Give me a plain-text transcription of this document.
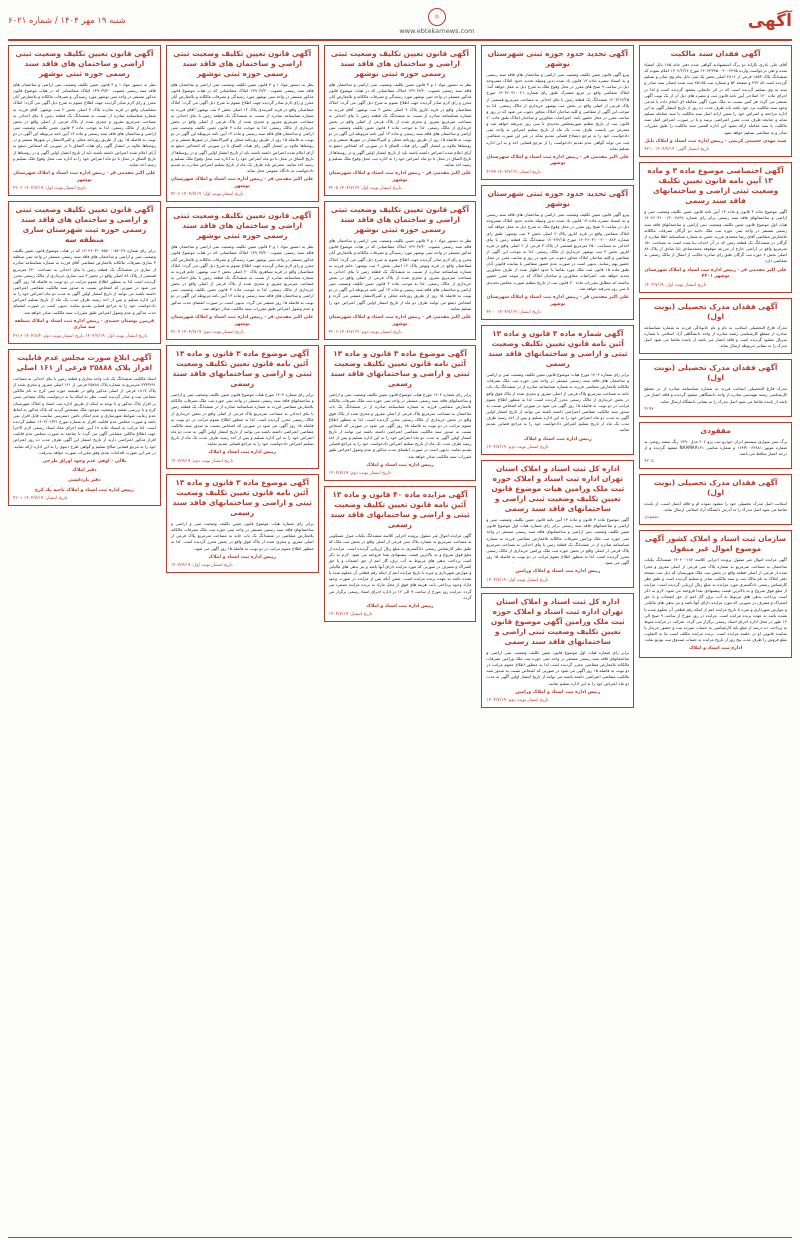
آگهی
☼
www.ebtekarnews.com
شنبه ۱۹ مهر ۱۴۰۴ / شماره ۶۰۲۱
آگهی فقدان سند مالکیت
آقای علی نادری باارائه دو برگ استشهادیه گواهی شده دفتر خانه ۱۸۵ بابل امضاء شده و طی درخواست وارده ۱۴۰۴۳۳۳۵۰۰۲۰۰۲۲۲۵ مورخ ۱۴۰۴/۶/۲۶ اعلام نموده که ششدانگ پلاک ۱۸۵۳ فرعی از ۲۸۱۶ اصلی بخش یک ثبتی بابل بنام وی صادر و تسلیم گردیده است که ۲۷۲ و صفحه ۵۲ و شماره ثبت ۲۵۱۸۵ ثبت شده ایشان سند صادر و سند به وی تسلیم گردیده است که در اثر جابجایی مفقود گردیده است و لذا در اجرای ماده ۱۲۰ اصلاحی آیین نامه قانون ثبت و تبصره های ذیل آن از یک نوبت آگهی منتشر می گردد هر کس نسبت به ملک مورد آگهی معامله ای انجام داده یا مدعی وجود سند مالکیت نزد خود باشد باید ظرف مدت ده روز از تاریخ انتشار آگهی به این اداره مراجعه و اعتراض خود را ضمن ارائه اصل سند مالکیت یا سند معامله تسلیم نماید و چنانچه ظرف مدت مقرر اعتراضی نرسد و یا در صورت اعتراض اصل سند مالکیت یا سند معامله ارائه نشود این اداره المثنی سند مالکیت را طبق مقررات صادر و به متقاضی تسلیم خواهد نمود.
سید مهدی حسینی کریمی - رییس اداره ثبت اسناد و املاک بابل
۴۲۱۰ تاریخ انتشار آگهی: ۱۴۰۴/۷/۱۹
آگهی اختصاصی موضوع ماده ۳ و ماده ۱۳ آیین نامه قانون تعیین تکلیف وضعیت ثبتی اراضی و ساختمانهای فاقد سند رسمی
آگهی موضوع ماده ۳ قانون و ماده ۱۳ آیین نامه قانون تعیین تکلیف وضعیت ثبتی و اراضی و ساختمانهای فاقد سند رسمی برابر رای شماره ۱۴۰۴۶۰۳۱۰۰۱۳۰۰۲۸۹۶ هیات اول موضوع قانون تعیین تکلیف وضعیت ثبتی اراضی و ساختمانهای فاقد سند رسمی مستقر در واحد ثبتی حوزه ثبت ملک ناحیه دو گرگان تصرفات مالکانه بلامعارض متقاضی آقای رضا محمدی فرزند حسن به شماره شناسنامه ۵۵۶ صادره از گرگان در ششدانگ یک قطعه زمین که در آن احداث بنا شده است به مساحت ۱۵۰ مترمربع واقع در اراضی خارج از مزرعه موقوفه محمدصادق بابا صادق از پلاک ۸۸ اصلی بخش ۴ حوزه ثبت گرگان طبق رای صادره حکایت از انتقال از مالک رسمی به متقاضی دارد.
علی اکبر مقدمی فر - رییس اداره ثبت اسناد و املاک شهرستان نوشهر ۴۲۰۱
تاریخ انتشار نوبت اول: ۱۴۰۴/۷/۱۹
آگهی فقدان مدرک تحصیلی (نوبت اول)
مدرک فارغ التحصیلی اینجانب به نام و نام خانوادگی فرزند به شماره شناسنامه صادره از مقطع کارشناسی رشته صادره از واحد دانشگاهی آزاد اسلامی با شماره سریال مفقود گردیده است و فاقد اعتبار می باشد از یابنده تقاضا می شود اصل مدرک را به نشانی مربوطه ارسال نماید.
آگهی فقدان مدرک تحصیلی (نوبت اول)
مدرک فارغ التحصیلی اینجانب فرزند به شماره شناسنامه صادره از در مقطع کارشناسی رشته مهندسی صادره از واحد دانشگاهی مفقود گردیده و فاقد اعتبار می باشد از یابنده تقاضا می شود اصل مدرک را به نشانی دانشگاه ارسال نماید.
۴۱۹۷
مفقودی
برگ سبز سواری سیستم ایران خودرو تیپ پژو ۲۰۶ مدل ۱۳۹۰ رنگ سفید روغنی به شماره موتور ۱۶۴A۰۰۶۳۸۸۱ و شماره شاسی NAAMAA۱۲۱ مفقود گردیده و از درجه اعتبار ساقط می باشد.
۴۲۰۵
آگهی فقدان مدرک تحصیلی (نوبت اول)
اینجانب اصل مدرک تحصیلی خود را مفقود نموده ام و فاقد اعتبار است. از یابنده تقاضا می شود اصل مدرک را به آدرس دانشگاه آزاد اسلامی ارسال نماید.
مفقودی
سازمان ثبت اسناد و املاک کشور آگهی موضوع اموال غیر منقول
آگهی مزایده اموال غیر منقول پرونده اجرایی کلاسه ۱۴۰۲۰۰۱۸۷ ششدانگ یکباب ساختمان به مساحت مترمربع به شماره پلاک ثبتی فرعی از اصلی مفروز و مجزا شده از فرعی از اصلی قطعه واقع در بخش ثبت ملک شهرستان که ذیل ثبت صفحه دفتر املاک به نام مالک ثبت و سند مالکیت صادر و تسلیم گردیده است و طبق نظر کارشناس رسمی دادگستری مورد مزایده به مبلغ ریال ارزیابی گردیده است. مزایده از مبلغ فوق شروع و به بالاترین قیمت پیشنهادی نقدا فروخته می شود. لازم به ذکر است پرداخت بدهی های مربوط به آب، برق، گاز اعم از حق انشعاب و یا حق اشتراک و مصرف در صورتی که مورد مزایده دارای آنها باشد و نیز بدهی های مالیاتی و عوارض شهرداری و غیره تا تاریخ مزایده اعم از اینکه رقم قطعی آن معلوم شده یا نشده باشد به عهده برنده مزایده است. مزایده در روز مورخ از ساعت ۹ صبح الی ۱۲ ظهر در محل اداره اجرای اسناد رسمی برگزار می گردد. شرکت در مزایده منوط به پرداخت ده درصد از مبلغ پایه کارشناسی به حساب سپرده ثبت و حضور خریدار یا نماینده قانونی او در جلسه مزایده است. برنده مزایده مکلف است ما به التفاوت مبلغ فروش را ظرف مدت پنج روز از تاریخ مزایده به حساب صندوق ثبت تودیع نماید.
اداره ثبت اسناد و املاک
آگهی تحدید حدود حوزه ثبتی شهرستان نوشهر
پیرو آگهی قانون تعیین تکلیف وضعیت ثبتی اراضی و ساختمان های فاقد سند رسمی و به استناد تبصره ماده ۱۳ قانون یاد شده بدین وسیله تحدید حدود املاک مشروحه ذیل در ساعت ۹ صبح های مقرر در محل وقوع ملک به شرح ذیل به عمل خواهد آمد: املاک متقاضی واقع در مرتع مشترک طبق رای شماره ۱۴۰۳۶۰۳۱۰۰۲۱ مورخ ۱۴۰۳/۱۲/۲۵ ششدانگ یک قطعه زمین با بنای احداثی به مساحت مترمربع قسمتی از پلاک فرعی از اصلی واقع در بخش ثبت نوشهر خریداری از مالک رسمی. لذا به موجب این آگهی از متقاضی و کلیه صاحبان املاک مجاور دعوت می شود که در روز و ساعت مقرر در محل حضور یابند. اعتراضات مجاورین و صاحبان املاک طبق ماده ۲۰ قانون ثبت از تاریخ تنظیم صورتمجلس تحدیدی تا سی روز پذیرفته خواهد شد و معترض می بایست ظرف مدت یک ماه از تاریخ تسلیم اعتراض به واحد ثبتی دادخواست خود را به مرجع ذیصلاح قضایی تقدیم نماید در غیر این صورت متقاضی ثبت می تواند گواهی عدم تقدیم دادخواست را از مرجع قضایی اخذ و به این اداره تسلیم نماید.
علی اکبر مقدمی فر - رییس اداره ثبت اسناد و املاک شهرستان نوشهر
۴۱۹۹ تاریخ انتشار: ۱۴۰۴/۷/۱۹
آگهی تحدید حدود حوزه ثبتی شهرستان نوشهر
پیرو آگهی قانون تعیین تکلیف وضعیت ثبتی اراضی و ساختمان های فاقد سند رسمی و به استناد تبصره ماده ۱۳ قانون یاد شده بدین وسیله تحدید حدود املاک مشروحه ذیل در ساعت ۹ صبح روز مقرر در محل وقوع ملک به شرح ذیل به عمل خواهد آمد. املاک متقاضی واقع در قریه انارور پلاک ۲ اصلی بخش ۳ ثبت نوشهر: طبق رای شماره ۱۴۰۴۶۰۳۱۰۰۲۰۰۰۸۸۳ مورخ ۱۴۰۴/۴/۱۵ ششدانگ یک قطعه زمین با بنای احداثی به مساحت ۲۵۰ مترمربع قسمتی از پلاک ۳ فرعی از ۲ اصلی واقع در قریه انارور بخش ۳ ثبت نوشهر خریداری از مالک رسمی. لذا به موجب این آگهی از متقاضی و کلیه صاحبان املاک مجاور دعوت می شود در روز و ساعت مقرر در محل حضور بهم رسانند. بدیهی است در صورت عدم حضور متقاضی یا نماینده قانونی آنان طبق ماده ۱۵ قانون ثبت ملک مورد تقاضا با حدود اظهار شده از طرف مجاورین تحدید خواهد شد. اعتراضات مجاورین و صاحبان املاک که در موعد مقرر حضور نداشته اند مطابق مقررات ماده ۲۰ قانون ثبت از تاریخ تنظیم صورت مجلس تحدیدی تا سی روز پذیرفته خواهد شد.
علی اکبر مقدمی فر - رییس اداره ثبت اسناد و املاک شهرستان نوشهر
۴۲۰۰ تاریخ انتشار: ۱۴۰۴/۷/۱۹
آگهی شماره ماده ۳ قانون و ماده ۱۳ آئین نامه قانون تعیین تکلیف وضعیت ثبتی و اراضی و ساختمانهای فاقد سند رسمی
برابر رای شماره ۱۴۰۴ مورخ هیات موضوع قانون تعیین تکلیف وضعیت ثبتی و اراضی و ساختمان های فاقد سند رسمی مستقر در واحد ثبتی حوزه ثبت ملک تصرفات مالکانه بلامعارض متقاضی فرزند به شماره شناسنامه صادره از در ششدانگ یک باب خانه به مساحت مترمربع پلاک فرعی از اصلی مفروز و مجزی شده از پلاک فوق واقع در بخش خریداری از مالک رسمی محرز گردیده است. لذا به منظور اطلاع عموم مراتب در دو نوبت به فاصله ۱۵ روز آگهی می شود در صورتی که اشخاص نسبت به صدور سند مالکیت متقاضی اعتراضی داشته باشند می توانند از تاریخ انتشار اولین آگهی به مدت دو ماه اعتراض خود را به این اداره تسلیم و پس از اخذ رسید ظرف مدت یک ماه از تاریخ تسلیم اعتراض دادخواست خود را به مراجع قضایی تقدیم نمایند.
رییس اداره ثبت اسناد و املاک
تاریخ انتشار نوبت دوم: ۱۴۰۴/۷/۱۹
اداره کل ثبت اسناد و املاک استان تهران اداره ثبت اسناد و املاک حوزه ثبت ملک ورامین هیات موضوع قانون تعیین تکلیف وضعیت ثبتی اراضی و ساختمانهای فاقد سند رسمی
آگهی موضوع ماده ۳ قانون و ماده ۱۳ آیین نامه قانون تعیین تکلیف وضعیت ثبتی و اراضی و ساختمانهای فاقد سند رسمی برابر رای شماره هیات اول موضوع قانون تعیین تکلیف وضعیت ثبتی اراضی و ساختمانهای فاقد سند رسمی مستقر در واحد ثبتی حوزه ثبت ملک ورامین تصرفات مالکانه بلامعارض متقاضی فرزند به شماره شناسنامه صادره از در ششدانگ یک قطعه زمین با بنای احداثی به مساحت مترمربع پلاک فرعی از اصلی واقع در بخش حوزه ثبت ملک ورامین خریداری از مالک رسمی محرز گردیده است. لذا به منظور اطلاع عموم مراتب در دو نوبت به فاصله ۱۵ روز آگهی می شود.
رییس اداره ثبت اسناد و املاک ورامین
تاریخ انتشار نوبت اول: ۱۴۰۴/۷/۱۹
اداره کل ثبت اسناد و املاک استان تهران اداره ثبت اسناد و املاک حوزه ثبت ملک ورامین آگهی موضوع قانون تعیین تکلیف وضعیت ثبتی اراضی و ساختمانهای فاقد سند رسمی
برابر رای شماره هیات اول موضوع قانون تعیین تکلیف وضعیت ثبتی اراضی و ساختمانهای فاقد سند رسمی مستقر در واحد ثبتی حوزه ثبت ملک ورامین تصرفات مالکانه بلامعارض متقاضی محرز گردیده است لذا به منظور اطلاع عموم مراتب در دو نوبت به فاصله ۱۵ روز آگهی می شود در صورتی که اشخاص نسبت به صدور سند مالکیت متقاضی اعتراضی داشته باشند می توانند از تاریخ انتشار اولین آگهی به مدت دو ماه اعتراض خود را به این اداره تسلیم نمایند.
رییس اداره ثبت اسناد و املاک ورامین
تاریخ انتشار نوبت دوم: ۱۴۰۴/۷/۱۹
آگهی قانون تعیین تکلیف وضعیت ثبتی اراضی و ساختمان های فاقد سند رسمی حوزه ثبتی نوشهر
نظر به دستور مواد ۱ و ۳ قانون تعیین تکلیف وضعیت ثبتی اراضی و ساختمان های فاقد سند رسمی مصوب ۱۳۹۰/۹/۲۰ املاک متقاضیانی که در هیات موضوع قانون مذکور مستقر در واحد ثبتی نوشهر مورد رسیدگی و تصرفات مالکانه و بلامعارض آنان محرز و رای لازم صادر گردیده جهت اطلاع عموم به شرح ذیل آگهی می گردد: املاک متقاضیان واقع در قریه انارور پلاک ۲ اصلی بخش ۳ ثبت نوشهر: آقای فرزند به شماره شناسنامه صادره از نسبت به ششدانگ یک قطعه زمین با بنای احداثی به مساحت مترمربع مفروز و مجزی شده از پلاک فرعی از اصلی واقع در بخش خریداری از مالک رسمی. لذا به موجب ماده ۳ قانون تعیین تکلیف وضعیت ثبتی اراضی و ساختمان های فاقد سند رسمی و ماده ۱۳ آیین نامه مربوطه این آگهی در دو نوبت به فاصله ۱۵ روز از طریق روزنامه محلی و کثیرالانتشار در شهرها منتشر و در روستاها علاوه بر انتشار آگهی رای هیات الصاق تا در صورتی که اشخاص ذینفع به آرای اعلام شده اعتراض داشته باشند باید از تاریخ انتشار اولین آگهی و در روستاها از تاریخ الصاق در محل تا دو ماه اعتراض خود را به اداره ثبت محل وقوع ملک تسلیم و رسید اخذ نمایند.
علی اکبر مقدمی فر - رییس اداره ثبت اسناد و املاک شهرستان نوشهر
۴۲۰۵ تاریخ انتشار نوبت اول: ۱۴۰۴/۷/۱۹
آگهی قانون تعیین تکلیف وضعیت ثبتی اراضی و ساختمان های فاقد سند رسمی حوزه ثبتی نوشهر
نظر به دستور مواد ۱ و ۳ قانون تعیین تکلیف وضعیت ثبتی اراضی و ساختمان های فاقد سند رسمی مصوب ۱۳۹۰/۹/۲۰ املاک متقاضیانی که در هیات موضوع قانون مذکور مستقر در واحد ثبتی نوشهر مورد رسیدگی و تصرفات مالکانه و بلامعارض آنان محرز و رای لازم صادر گردیده جهت اطلاع عموم به شرح ذیل آگهی می گردد: املاک متقاضیان واقع در قریه ونوش پلاک ۱۲ اصلی بخش ۴ ثبت نوشهر: خانم فرزند به شماره شناسنامه صادره از نسبت به ششدانگ یک قطعه زمین با بنای احداثی به مساحت مترمربع مفروز و مجزی شده از پلاک فرعی از اصلی واقع در بخش خریداری از مالک رسمی. لذا به موجب ماده ۳ قانون تعیین تکلیف وضعیت ثبتی اراضی و ساختمان های فاقد سند رسمی و ماده ۱۳ آیین نامه مربوطه این آگهی در دو نوبت به فاصله ۱۵ روز از طریق روزنامه محلی و کثیرالانتشار منتشر می گردد و اشخاص ذینفع می توانند ظرف دو ماه از تاریخ انتشار اولین آگهی اعتراض خود را تسلیم نمایند.
علی اکبر مقدمی فر - رییس اداره ثبت اسناد و املاک شهرستان نوشهر
۴۲۰۶ تاریخ انتشار نوبت دوم: ۱۴۰۴/۷/۱۹
آگهی موضوع ماده ۳ قانون و ماده ۱۳ آئین نامه قانون تعیین تکلیف وضعیت ثبتی و اراضی و ساختمانهای فاقد سند رسمی
برابر رای شماره ۱۴۰۴ مورخ هیات موضوع قانون تعیین تکلیف وضعیت ثبتی و اراضی و ساختمانهای فاقد سند رسمی مستقر در واحد ثبتی حوزه ثبت ملک تصرفات مالکانه بلامعارض متقاضی فرزند به شماره شناسنامه صادره از در ششدانگ یک باب ساختمان به مساحت مترمربع پلاک فرعی از اصلی مفروز و مجزی شده از پلاک فوق واقع در بخش خریداری از مالک رسمی محرز گردیده است. لذا به منظور اطلاع عموم مراتب در دو نوبت به فاصله ۱۵ روز آگهی می شود در صورتی که اشخاص نسبت به صدور سند مالکیت متقاضی اعتراضی داشته باشند می توانند از تاریخ انتشار اولین آگهی به مدت دو ماه اعتراض خود را به این اداره تسلیم و پس از اخذ رسید ظرف مدت یک ماه از تاریخ تسلیم اعتراض دادخواست خود را به مراجع قضایی تقدیم نمایند. بدیهی است در صورت انقضای مدت مذکور و عدم وصول اعتراض طبق مقررات سند مالکیت صادر خواهد شد.
رییس اداره ثبت اسناد و املاک
تاریخ انتشار نوبت دوم: ۱۴۰۴/۷/۱۹
آگهی مزایده ماده ۴۰ قانون و ماده ۱۳ آئین نامه قانون تعیین تکلیف وضعیت ثبتی و اراضی و ساختمانهای فاقد سند رسمی
آگهی مزایده اموال غیر منقول پرونده اجرایی کلاسه ششدانگ یکباب منزل مسکونی به مساحت مترمربع به شماره پلاک ثبتی فرعی از اصلی واقع در بخش ثبت ملک که طبق نظر کارشناس رسمی دادگستری به مبلغ ریال ارزیابی گردیده است. مزایده از مبلغ فوق شروع و به بالاترین قیمت پیشنهادی نقدا فروخته می شود. لازم به ذکر است پرداخت بدهی های مربوط به آب، برق، گاز اعم از حق انشعاب و یا حق اشتراک و مصرف در صورتی که مورد مزایده دارای آنها باشد و نیز بدهی های مالیاتی و عوارض شهرداری و غیره تا تاریخ مزایده اعم از اینکه رقم قطعی آن معلوم شده یا نشده باشد به عهده برنده مزایده است. ضمن آنکه پس از مزایده در صورت وجود مازاد وجوه پرداختی بابت هزینه های فوق از محل مازاد به برنده مزایده مسترد می گردد. مزایده روز مورخ از ساعت ۹ الی ۱۲ در اداره اجرای اسناد رسمی برگزار می گردد.
رییس اداره ثبت اسناد و املاک
تاریخ انتشار: ۱۴۰۴/۷/۱۹
آگهی قانون تعیین تکلیف وضعیت ثبتی اراضی و ساختمان های فاقد سند رسمی حوزه ثبتی نوشهر
نظر به دستور مواد ۱ و ۳ قانون تعیین تکلیف وضعیت ثبتی اراضی و ساختمان های فاقد سند رسمی مصوب ۱۳۹۰/۹/۲۰ املاک متقاضیانی که در هیات موضوع قانون مذکور مستقر در واحد ثبتی نوشهر مورد رسیدگی و تصرفات مالکانه و بلامعارض آنان محرز و رای لازم صادر گردیده جهت اطلاع عموم به شرح ذیل آگهی می گردد: املاک متقاضیان واقع در قریه کمربندی پلاک ۱۲ اصلی بخش ۳ ثبت نوشهر: آقای فرزند به شماره شناسنامه صادره از نسبت به ششدانگ یک قطعه زمین با بنای احداثی به مساحت مترمربع مفروز و مجزی شده از پلاک فرعی از اصلی واقع در بخش خریداری از مالک رسمی. لذا به موجب ماده ۳ قانون تعیین تکلیف وضعیت ثبتی اراضی و ساختمان های فاقد سند رسمی و ماده ۱۳ آیین نامه مربوطه این آگهی در دو نوبت به فاصله ۱۵ روز از طریق روزنامه محلی و کثیرالانتشار در شهرها منتشر و در روستاها علاوه بر انتشار آگهی رای هیات الصاق تا در صورتی که اشخاص ذینفع به آرای اعلام شده اعتراض داشته باشند باید از تاریخ انتشار اولین آگهی و در روستاها از تاریخ الصاق در محل تا دو ماه اعتراض خود را به اداره ثبت محل وقوع ملک تسلیم و رسید اخذ نمایند. معترض باید ظرف یک ماه از تاریخ تسلیم اعتراض مبادرت به تقدیم دادخواست به دادگاه عمومی محل نماید.
علی اکبر مقدمی فر - رییس اداره ثبت اسناد و املاک شهرستان نوشهر
۴۲۰۳ تاریخ انتشار نوبت اول: ۱۴۰۴/۷/۱۹
آگهی قانون تعیین تکلیف وضعیت ثبتی اراضی و ساختمان های فاقد سند رسمی حوزه ثبتی نوشهر
نظر به دستور مواد ۱ و ۳ قانون تعیین تکلیف وضعیت ثبتی اراضی و ساختمان های فاقد سند رسمی مصوب ۱۳۹۰/۹/۲۰ املاک متقاضیانی که در هیات موضوع قانون مذکور مستقر در واحد ثبتی نوشهر مورد رسیدگی و تصرفات مالکانه و بلامعارض آنان محرز و رای لازم صادر گردیده جهت اطلاع عموم به شرح ذیل آگهی می گردد: املاک متقاضیان واقع در قریه سیاهرود پلاک ۲۰ اصلی بخش ۴ ثبت نوشهر: خانم فرزند به شماره شناسنامه صادره از نسبت به ششدانگ یک قطعه زمین با بنای احداثی به مساحت مترمربع مفروز و مجزی شده از پلاک فرعی از اصلی واقع در بخش خریداری از مالک رسمی. لذا به موجب ماده ۳ قانون تعیین تکلیف وضعیت ثبتی اراضی و ساختمان های فاقد سند رسمی و ماده ۱۳ آیین نامه مربوطه این آگهی در دو نوبت به فاصله ۱۵ روز منتشر می گردد. بدیهی است در صورت انقضای مدت مذکور و عدم وصول اعتراض طبق مقررات سند مالکیت صادر خواهد شد.
علی اکبر مقدمی فر - رییس اداره ثبت اسناد و املاک شهرستان نوشهر
۴۲۰۴ تاریخ انتشار نوبت دوم: ۱۴۰۴/۷/۱۹
آگهی موضوع ماده ۳ قانون و ماده ۱۳ آئین نامه قانون تعیین تکلیف وضعیت ثبتی و اراضی و ساختمانهای فاقد سند رسمی
برابر رای شماره ۱۴۰۴ مورخ هیات موضوع قانون تعیین تکلیف وضعیت ثبتی و اراضی و ساختمانهای فاقد سند رسمی مستقر در واحد ثبتی حوزه ثبت ملک تصرفات مالکانه بلامعارض متقاضی فرزند به شماره شناسنامه صادره از در ششدانگ یک قطعه زمین با بنای احداثی به مساحت مترمربع پلاک فرعی از اصلی واقع در بخش خریداری از مالک رسمی محرز گردیده است. لذا به منظور اطلاع عموم مراتب در دو نوبت به فاصله ۱۵ روز آگهی می شود در صورتی که اشخاص نسبت به صدور سند مالکیت متقاضی اعتراضی داشته باشند می توانند از تاریخ انتشار اولین آگهی به مدت دو ماه اعتراض خود را به این اداره تسلیم و پس از اخذ رسید ظرف مدت یک ماه از تاریخ تسلیم اعتراض دادخواست خود را به مراجع قضایی تقدیم نمایند.
رییس اداره ثبت اسناد و املاک
تاریخ انتشار نوبت دوم: ۱۴۰۴/۷/۱۹
آگهی موضوع ماده ۳ قانون و ماده ۱۳ آئین نامه قانون تعیین تکلیف وضعیت ثبتی و اراضی و ساختمانهای فاقد سند رسمی
برابر رای شماره هیات موضوع قانون تعیین تکلیف وضعیت ثبتی و اراضی و ساختمانهای فاقد سند رسمی مستقر در واحد ثبتی حوزه ثبت ملک تصرفات مالکانه بلامعارض متقاضی در ششدانگ یک باب خانه به مساحت مترمربع پلاک فرعی از اصلی مفروز و مجزی شده از پلاک فوق واقع در بخش محرز گردیده است. لذا به منظور اطلاع عموم مراتب در دو نوبت به فاصله ۱۵ روز آگهی می شود.
رییس اداره ثبت اسناد و املاک
تاریخ انتشار نوبت اول: ۱۴۰۴/۷/۱۹
آگهی قانون تعیین تکلیف وضعیت ثبتی اراضی و ساختمان های فاقد سند رسمی حوزه ثبتی نوشهر
نظر به دستور مواد ۱ و ۳ قانون تعیین تکلیف وضعیت ثبتی اراضی و ساختمان های فاقد سند رسمی مصوب ۱۳۹۰/۹/۲۰ املاک متقاضیانی که در هیات موضوع قانون مذکور مستقر در واحد ثبتی نوشهر مورد رسیدگی و تصرفات مالکانه و بلامعارض آنان محرز و رای لازم صادر گردیده جهت اطلاع عموم به شرح ذیل آگهی می گردد: املاک متقاضیان واقع در قریه نجارده پلاک ۳ اصلی بخش ۲ ثبت نوشهر: آقای فرزند به شماره شناسنامه صادره از نسبت به ششدانگ یک قطعه زمین با بنای احداثی به مساحت مترمربع مفروز و مجزی شده از پلاک فرعی از اصلی واقع در بخش خریداری از مالک رسمی. لذا به موجب ماده ۳ قانون تعیین تکلیف وضعیت ثبتی اراضی و ساختمان های فاقد سند رسمی و ماده ۱۳ آیین نامه مربوطه این آگهی در دو نوبت به فاصله ۱۵ روز از طریق روزنامه محلی و کثیرالانتشار در شهرها منتشر و در روستاها علاوه بر انتشار آگهی رای هیات الصاق تا در صورتی که اشخاص ذینفع به آرای اعلام شده اعتراض داشته باشند باید از تاریخ انتشار اولین آگهی و در روستاها از تاریخ الصاق در محل تا دو ماه اعتراض خود را به اداره ثبت محل وقوع ملک تسلیم و رسید اخذ نمایند.
علی اکبر مقدمی فر - رییس اداره ثبت اسناد و املاک شهرستان نوشهر
۴۲۰۲ تاریخ انتشار نوبت اول: ۱۴۰۴/۷/۱۹
آگهی قانون تعیین تکلیف وضعیت ثبتی و اراضی و ساختمان های فاقد سند رسمی حوزه ثبت شهرستان ساری منطقه سه
برابر رای شماره ۱۴۰۴۶۰۳۱۰۴۵۷۰۰۰۵۴۰۲۷ که در هیات موضوع قانون تعیین تکلیف وضعیت ثبتی و اراضی و ساختمان های فاقد سند رسمی مستقر در واحد ثبتی منطقه ۳ ساری تصرفات مالکانه بلامعارض متقاضی آقای فرزند به شماره شناسنامه صادره از ساری در ششدانگ یک قطعه زمین با بنای احداثی به مساحت ۲۴۰ مترمربع قسمتی از پلاک ۸۸ اصلی واقع در بخش ۳ ثبت ساری خریداری از مالک رسمی محرز گردیده است لذا به منظور اطلاع عموم مراتب در دو نوبت به فاصله ۱۵ روز آگهی می شود در صورتی که اشخاص نسبت به صدور سند مالکیت متقاضی اعتراضی داشته باشند می توانند از تاریخ انتشار اولین آگهی به مدت دو ماه اعتراض خود را به این اداره تسلیم و پس از اخذ رسید ظرف مدت یک ماه از تاریخ تسلیم اعتراض دادخواست خود را به مراجع قضایی تقدیم نمایند. بدیهی است در صورت انقضای مدت مذکور و عدم وصول اعتراض طبق مقررات سند مالکیت صادر خواهد شد.
فریبرز بوستان حمیدی - رییس اداره ثبت اسناد و املاک منطقه سه ساری
۴۲۱۶ تاریخ انتشار نوبت اول: ۱۴۰۴/۷/۱۹ تاریخ انتشار نوبت دوم: ۱۴۰۴/۸/۴
آگهی ابلاغ صورت مجلس عدم قابلیت افراز پلاک ۲۵۸۸۸ فرعی از ۱۶۱ اصلی
اسناد مالکیت ششدانگ یک باب واحد تجاری و قطعه زمین با بنای احداثی به مساحت ۲۳۳/۲۹۱ مترمربع به شماره پلاک ۲۵۸۸۸ فرعی از ۱۶۱ اصلی مفروز و مجزی شده از پلاک ۱۸۱۷ فرعی از اصلی مذکور واقع در طبیعیه حوزه ثبتی کرج به نام مالکین مشاعی ثبت و صادر گردیده است. نظر به اینکه بنا به درخواست مالک مشاعی مبنی بر افراز پلاک مذکور و با توجه به اینکه از طریق اداره ثبت اسناد و املاک شهرستان کرج و با بررسی نقشه و وضعیت موجود ملک مشخص گردید که پلاک مذکور به لحاظ عدم رعایت ضوابط شهرسازی و عدم امکان تامین دسترسی مناسب قابل افراز نمی باشد و صورت مجلس عدم قابلیت افراز به شماره مورخ ۱۴۰۴/۰۶/۳۱ تنظیم گردیده است. لذا مراتب به استناد ماده ۱۸ آیین نامه اجرای مفاد اسناد رسمی لازم الاجرا جهت اطلاع مالکین مشاعی آگهی می گردد تا چنانچه به صورت مجلس عدم قابلیت افراز مذکور اعتراضی دارند از تاریخ انتشار این آگهی ظرف مدت ده روز اعتراض خود را به مرجع قضایی صالح تسلیم و گواهی طرح دعوی را به این اداره ارائه نمایند. در غیر این صورت اقدامات بعدی وفق مقررات صورت خواهد پذیرفت.
بلالی - اوهی عدم وجود اوراق طرحی
دفتر املاک
دفتر بازداشتی
رییس اداره ثبت اسناد و املاک ناحیه یک کرج
۴۲۰۱ تاریخ انتشار: ۱۴۰۴/۷/۱۹
